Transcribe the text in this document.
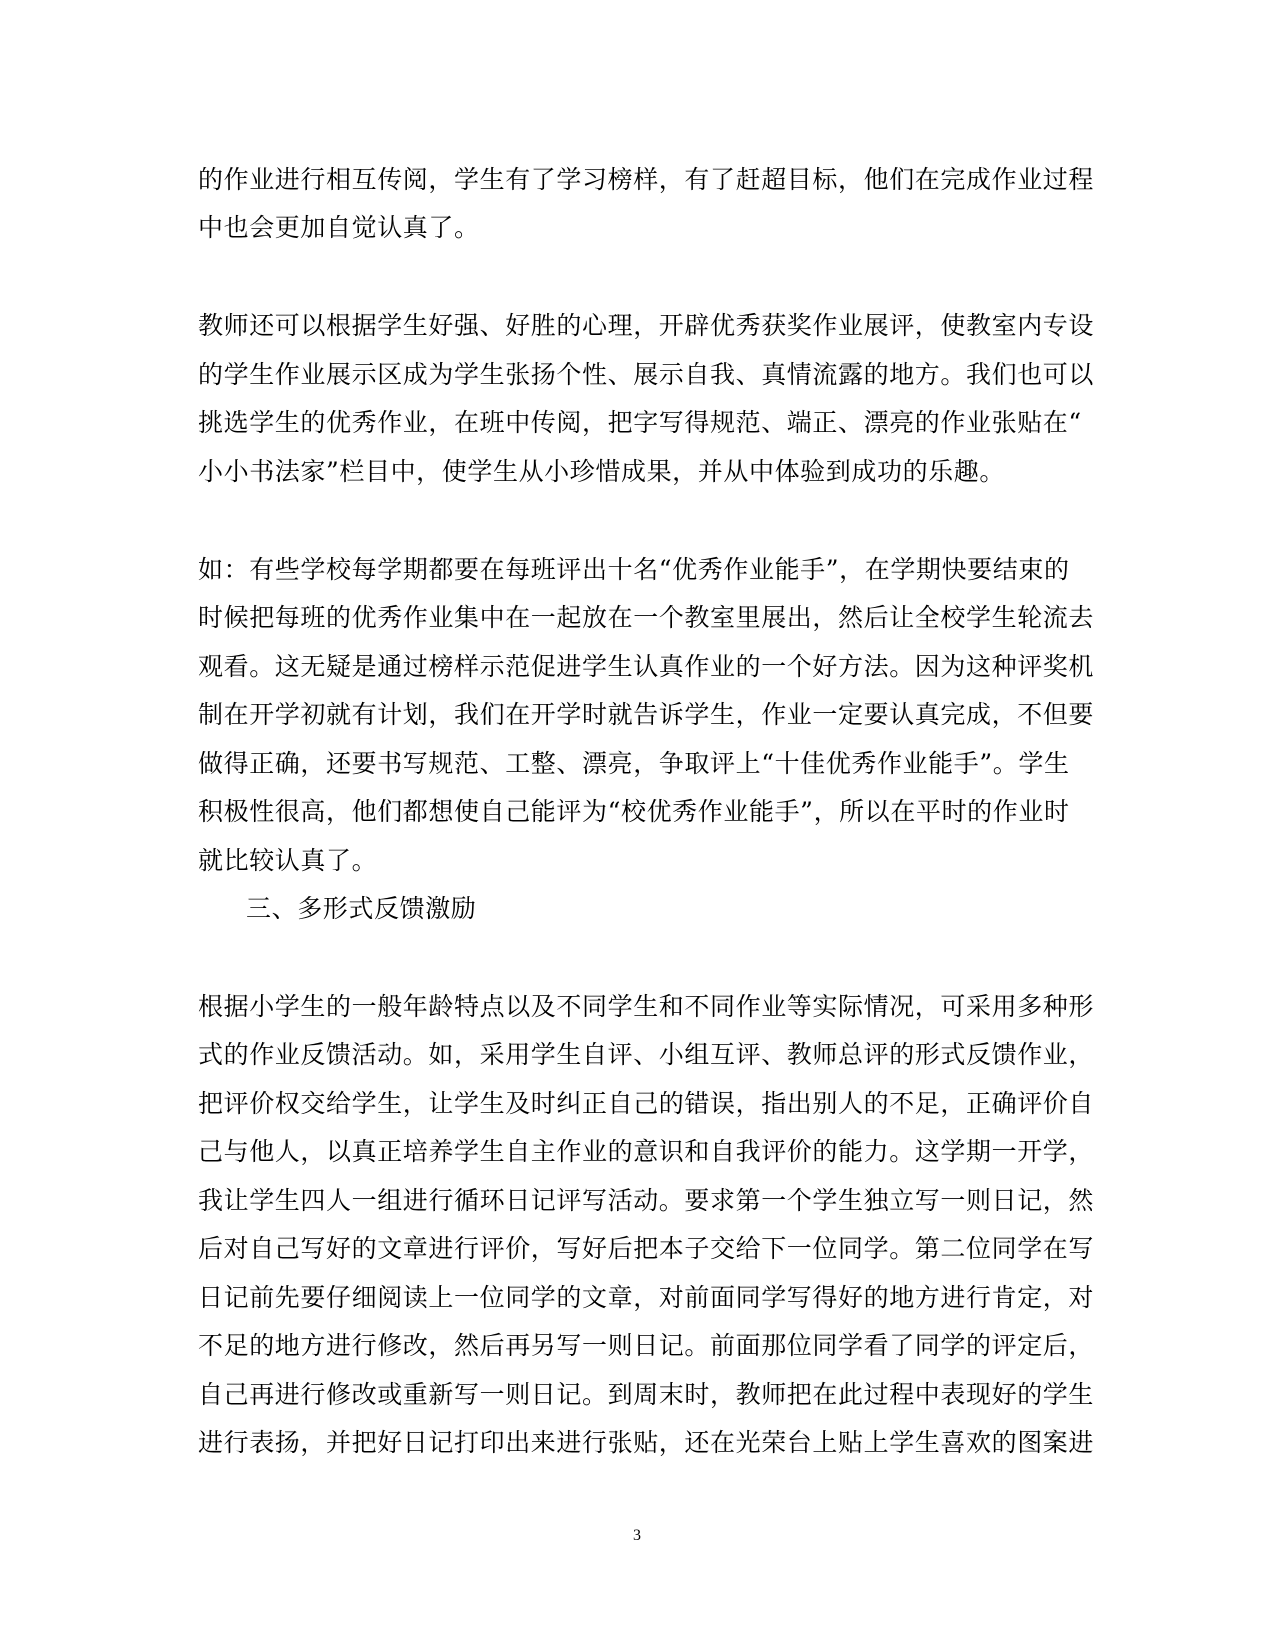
的作业进行相互传阅，学生有了学习榜样，有了赶超目标，他们在完成作业过程
中也会更加自觉认真了。
教师还可以根据学生好强、好胜的心理，开辟优秀获奖作业展评，使教室内专设
的学生作业展示区成为学生张扬个性、展示自我、真情流露的地方。我们也可以
挑选学生的优秀作业，在班中传阅，把字写得规范、端正、漂亮的作业张贴在“
小小书法家”栏目中，使学生从小珍惜成果，并从中体验到成功的乐趣。
如：有些学校每学期都要在每班评出十名“优秀作业能手”，在学期快要结束的
时候把每班的优秀作业集中在一起放在一个教室里展出，然后让全校学生轮流去
观看。这无疑是通过榜样示范促进学生认真作业的一个好方法。因为这种评奖机
制在开学初就有计划，我们在开学时就告诉学生，作业一定要认真完成，不但要
做得正确，还要书写规范、工整、漂亮，争取评上“十佳优秀作业能手”。学生
积极性很高，他们都想使自己能评为“校优秀作业能手”，所以在平时的作业时
就比较认真了。
三、多形式反馈激励
根据小学生的一般年龄特点以及不同学生和不同作业等实际情况，可采用多种形
式的作业反馈活动。如，采用学生自评、小组互评、教师总评的形式反馈作业，
把评价权交给学生，让学生及时纠正自己的错误，指出别人的不足，正确评价自
己与他人，以真正培养学生自主作业的意识和自我评价的能力。这学期一开学，
我让学生四人一组进行循环日记评写活动。要求第一个学生独立写一则日记，然
后对自己写好的文章进行评价，写好后把本子交给下一位同学。第二位同学在写
日记前先要仔细阅读上一位同学的文章，对前面同学写得好的地方进行肯定，对
不足的地方进行修改，然后再另写一则日记。前面那位同学看了同学的评定后，
自己再进行修改或重新写一则日记。到周末时，教师把在此过程中表现好的学生
进行表扬，并把好日记打印出来进行张贴，还在光荣台上贴上学生喜欢的图案进
3
